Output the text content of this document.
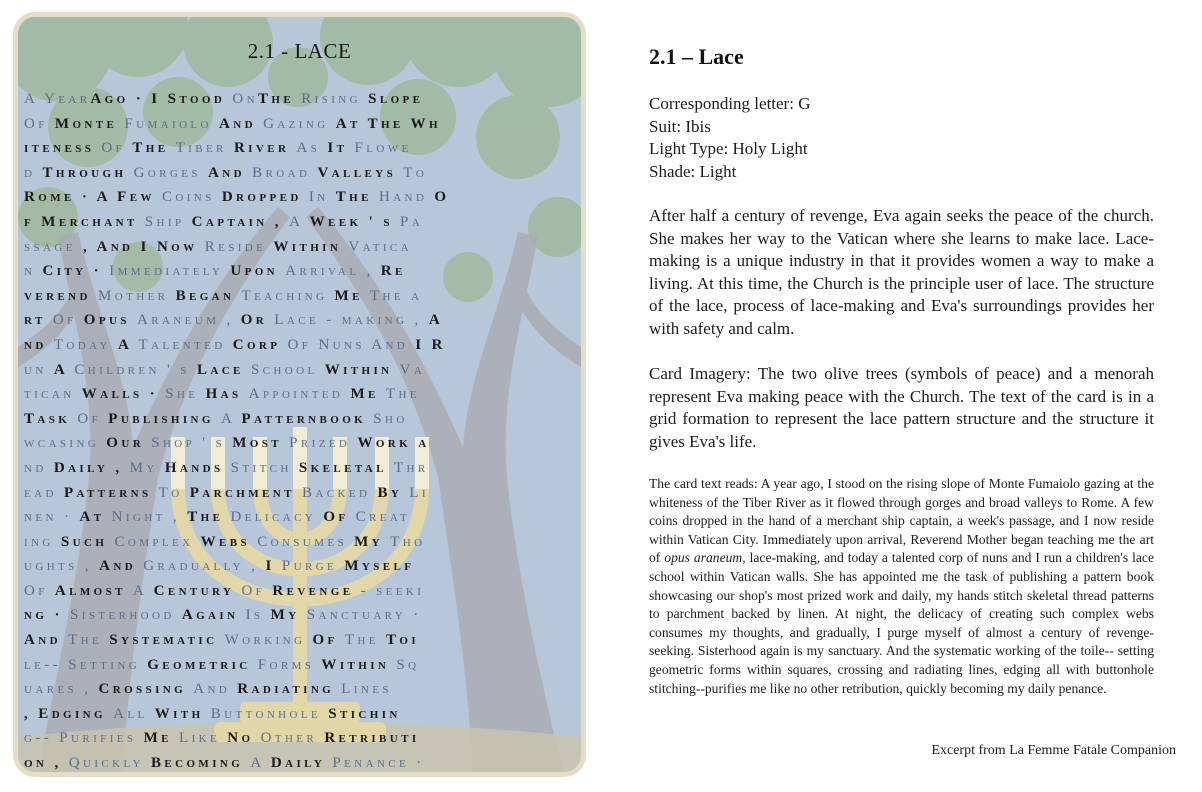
2.1 - LACE
A YearAgo · I Stood OnThe Rising Slope
Of Monte Fumaiolo And Gazing At The Wh
iteness Of The Tiber River As It Flowe
d Through Gorges And Broad Valleys To
Rome · A Few Coins Dropped In The Hand O
f Merchant Ship Captain , A Week ' s Pa
ssage , And I Now Reside Within Vatica
n City · Immediately Upon Arrival , Re
verend Mother Began Teaching Me The a
rt Of Opus Araneum , Or Lace - making , A
nd Today A Talented Corp Of Nuns And I R
un A Children ' s Lace School Within Va
tican Walls · She Has Appointed Me The
Task Of Publishing A Patternbook Sho
wcasing Our Shop ' s Most Prized Work a
nd Daily , My Hands Stitch Skeletal Thr
ead Patterns To Parchment Backed By Li
nen · At Night , The Delicacy Of Creat
ing Such Complex Webs Consumes My Tho
ughts , And Gradually , I Purge Myself
Of Almost A Century Of Revenge - seeki
ng · Sisterhood Again Is My Sanctuary ·
And The Systematic Working Of The Toi
le-- Setting Geometric Forms Within Sq
uares , Crossing And Radiating Lines
, Edging All With Buttonhole Stichin
g-- Purifies Me Like No Other Retributi
on , Quickly Becoming A Daily Penance ·
2.1 – Lace
Corresponding letter: G
Suit: Ibis
Light Type: Holy Light
Shade: Light
After half a century of revenge, Eva again seeks the peace of the church. She makes her way to the Vatican where she learns to make lace. Lace-making is a unique industry in that it provides women a way to make a living. At this time, the Church is the principle user of lace. The structure of the lace, process of lace-making and Eva's surroundings provides her with safety and calm.
Card Imagery: The two olive trees (symbols of peace) and a menorah represent Eva making peace with the Church. The text of the card is in a grid formation to represent the lace pattern structure and the structure it gives Eva's life.
The card text reads: A year ago, I stood on the rising slope of Monte Fumaiolo gazing at the whiteness of the Tiber River as it flowed through gorges and broad valleys to Rome. A few coins dropped in the hand of a merchant ship captain, a week's passage, and I now reside within Vatican City. Immediately upon arrival, Reverend Mother began teaching me the art of opus araneum, lace-making, and today a talented corp of nuns and I run a children's lace school within Vatican walls. She has appointed me the task of publishing a pattern book showcasing our shop's most prized work and daily, my hands stitch skeletal thread patterns to parchment backed by linen. At night, the delicacy of creating such complex webs consumes my thoughts, and gradually, I purge myself of almost a century of revenge-seeking. Sisterhood again is my sanctuary. And the systematic working of the toile-- setting geometric forms within squares, crossing and radiating lines, edging all with buttonhole stitching--purifies me like no other retribution, quickly becoming my daily penance.
Excerpt from La Femme Fatale Companion
